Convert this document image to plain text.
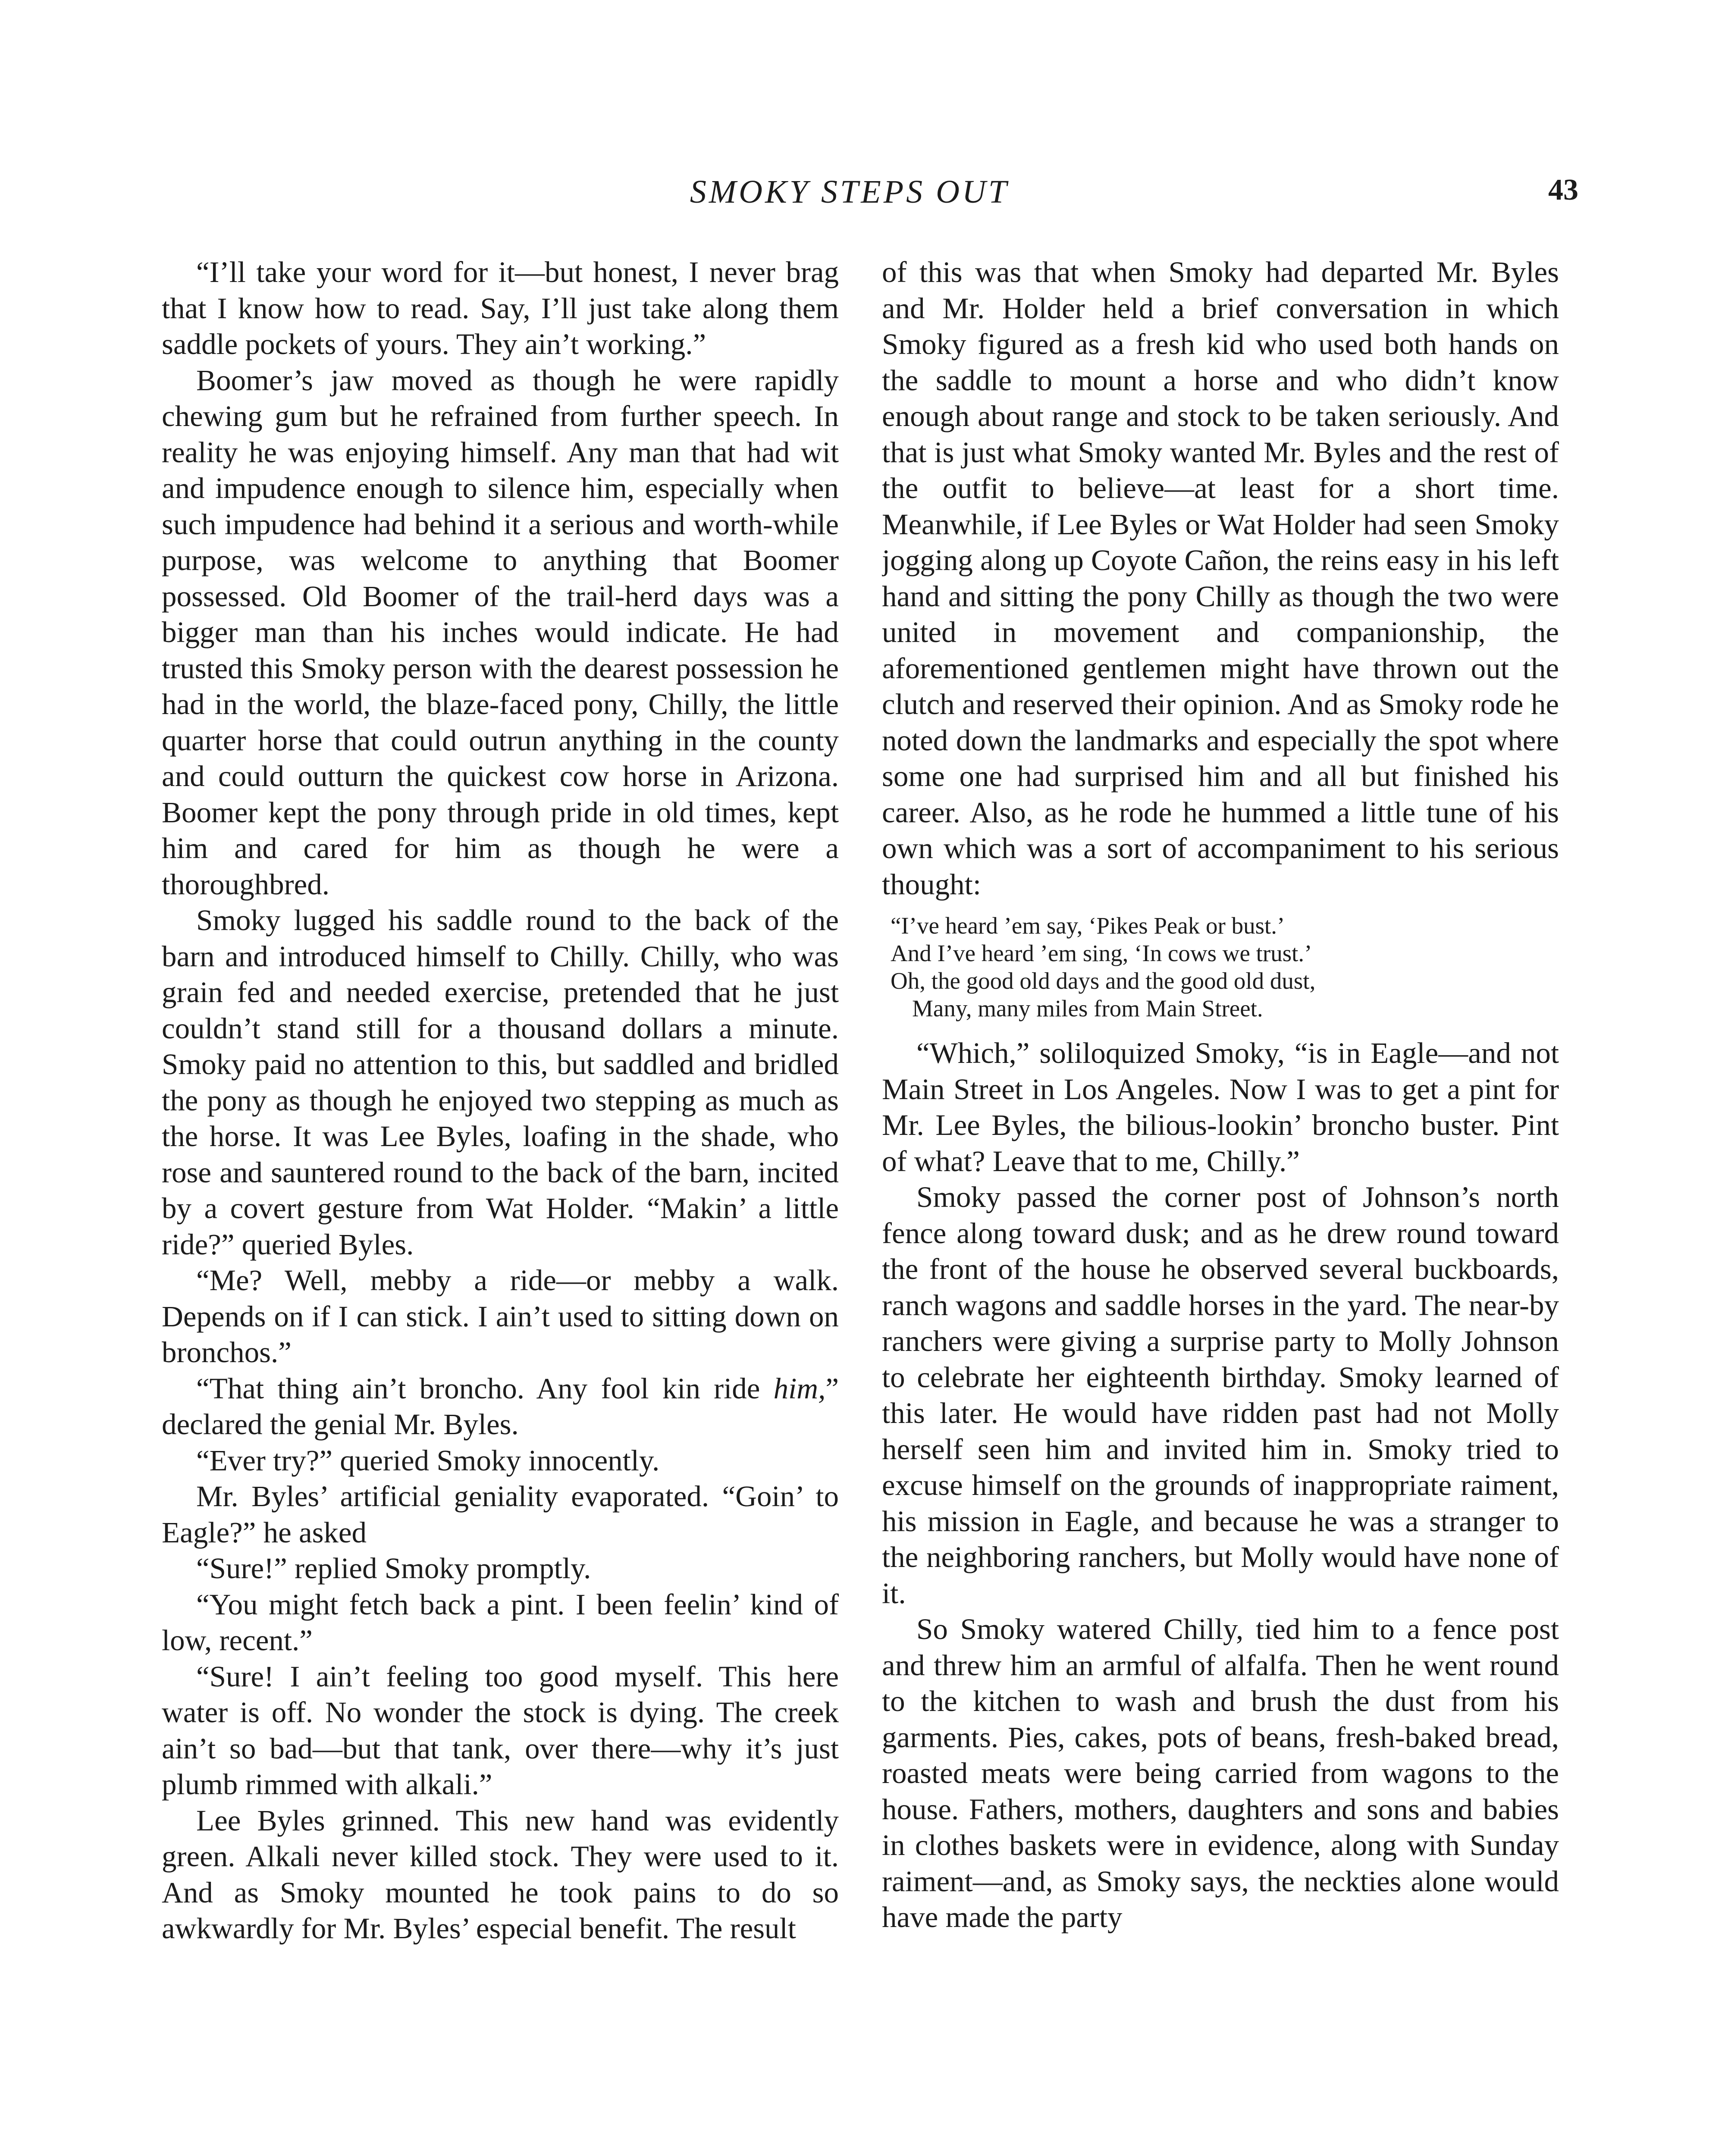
SMOKY STEPS OUT	43

“I’ll take your word for it—but honest, I never brag that I know how to read. Say, I’ll just take along them saddle pockets of yours. They ain’t working.”

Boomer’s jaw moved as though he were rapidly chewing gum but he refrained from further speech. In reality he was enjoying himself. Any man that had wit and impudence enough to silence him, especially when such impudence had behind it a serious and worth-while purpose, was welcome to anything that Boomer possessed. Old Boomer of the trail-herd days was a bigger man than his inches would indicate. He had trusted this Smoky person with the dearest possession he had in the world, the blaze-faced pony, Chilly, the little quarter horse that could outrun anything in the county and could outturn the quickest cow horse in Arizona. Boomer kept the pony through pride in old times, kept him and cared for him as though he were a thoroughbred.

Smoky lugged his saddle round to the back of the barn and introduced himself to Chilly. Chilly, who was grain fed and needed exercise, pretended that he just couldn’t stand still for a thousand dollars a minute. Smoky paid no attention to this, but saddled and bridled the pony as though he enjoyed two stepping as much as the horse. It was Lee Byles, loafing in the shade, who rose and sauntered round to the back of the barn, incited by a covert gesture from Wat Holder. “Makin’ a little ride?” queried Byles.

“Me? Well, mebby a ride—or mebby a walk. Depends on if I can stick. I ain’t used to sitting down on bronchos.”

“That thing ain’t broncho. Any fool kin ride him,” declared the genial Mr. Byles.

“Ever try?” queried Smoky innocently.

Mr. Byles’ artificial geniality evaporated. “Goin’ to Eagle?” he asked

“Sure!” replied Smoky promptly.

“You might fetch back a pint. I been feelin’ kind of low, recent.”

“Sure! I ain’t feeling too good myself. This here water is off. No wonder the stock is dying. The creek ain’t so bad—but that tank, over there—why it’s just plumb rimmed with alkali.”

Lee Byles grinned. This new hand was evidently green. Alkali never killed stock. They were used to it. And as Smoky mounted he took pains to do so awkwardly for Mr. Byles’ especial benefit. The result

of this was that when Smoky had departed Mr. Byles and Mr. Holder held a brief conversation in which Smoky figured as a fresh kid who used both hands on the saddle to mount a horse and who didn’t know enough about range and stock to be taken seriously. And that is just what Smoky wanted Mr. Byles and the rest of the outfit to believe—at least for a short time. Meanwhile, if Lee Byles or Wat Holder had seen Smoky jogging along up Coyote Cañon, the reins easy in his left hand and sitting the pony Chilly as though the two were united in movement and companionship, the aforementioned gentlemen might have thrown out the clutch and reserved their opinion. And as Smoky rode he noted down the landmarks and especially the spot where some one had surprised him and all but finished his career. Also, as he rode he hummed a little tune of his own which was a sort of accompaniment to his serious thought:

“I’ve heard ’em say, ‘Pikes Peak or bust.’
And I’ve heard ’em sing, ‘In cows we trust.’
Oh, the good old days and the good old dust,
Many, many miles from Main Street.

“Which,” soliloquized Smoky, “is in Eagle—and not Main Street in Los Angeles. Now I was to get a pint for Mr. Lee Byles, the bilious-lookin’ broncho buster. Pint of what? Leave that to me, Chilly.”

Smoky passed the corner post of Johnson’s north fence along toward dusk; and as he drew round toward the front of the house he observed several buckboards, ranch wagons and saddle horses in the yard. The near-by ranchers were giving a surprise party to Molly Johnson to celebrate her eighteenth birthday. Smoky learned of this later. He would have ridden past had not Molly herself seen him and invited him in. Smoky tried to excuse himself on the grounds of inappropriate raiment, his mission in Eagle, and because he was a stranger to the neighboring ranchers, but Molly would have none of it.

So Smoky watered Chilly, tied him to a fence post and threw him an armful of alfalfa. Then he went round to the kitchen to wash and brush the dust from his garments. Pies, cakes, pots of beans, fresh-baked bread, roasted meats were being carried from wagons to the house. Fathers, mothers, daughters and sons and babies in clothes baskets were in evidence, along with Sunday raiment—and, as Smoky says, the neckties alone would have made the party
